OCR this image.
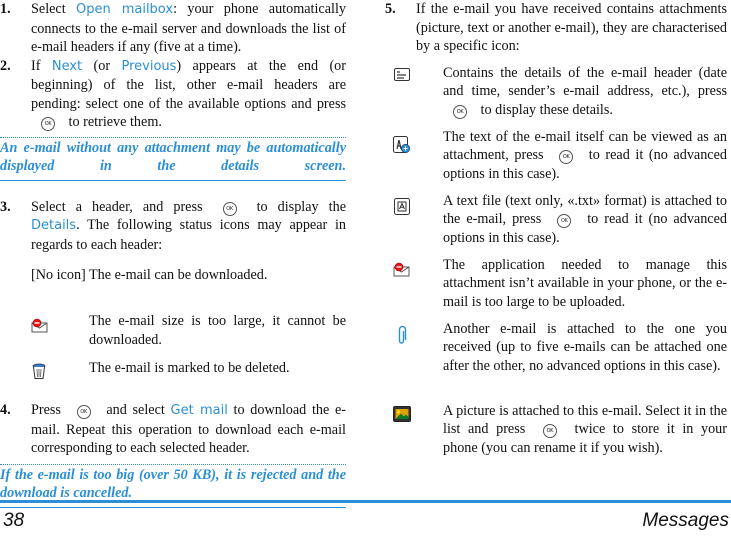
1.	Select Open mailbox: your phone automatically connects to the e-mail server and downloads the list of e-mail headers if any (five at a time).

2.	If Next (or Previous) appears at the end (or beginning) of the list, other e-mail headers are pending: select one of the available options and press OK to retrieve them.

An e-mail without any attachment may be automatically displayed in the details screen.

3.	Select a header, and press	OK to display the Details. The following status icons may appear in regards to each header:

[No icon]	The e-mail can be downloaded.

	The e-mail size is too large, it cannot be downloaded.

	The e-mail is marked to be deleted.

4.	Press	OK and select Get mail to download the e-mail. Repeat this operation to download each e-mail corresponding to each selected header.

If the e-mail is too big (over 50 KB), it is rejected and the download is cancelled.

5.	If the e-mail you have received contains attachments (picture, text or another e-mail), they are characterised by a specific icon:

	Contains the details of the e-mail header (date and time, sender’s e-mail address, etc.), press OK to display these details.

	The text of the e-mail itself can be viewed as an attachment, press OK to read it (no advanced options in this case).

	A text file (text only, «.txt» format) is attached to the e-mail, press OK to read it (no advanced options in this case).

	The application needed to manage this attachment isn’t available in your phone, or the e-mail is too large to be uploaded.

	Another e-mail is attached to the one you received (up to five e-mails can be attached one after the other, no advanced options in this case).

	A picture is attached to this e-mail. Select it in the list and press OK twice to store it in your phone (you can rename it if you wish).
38	Messages
